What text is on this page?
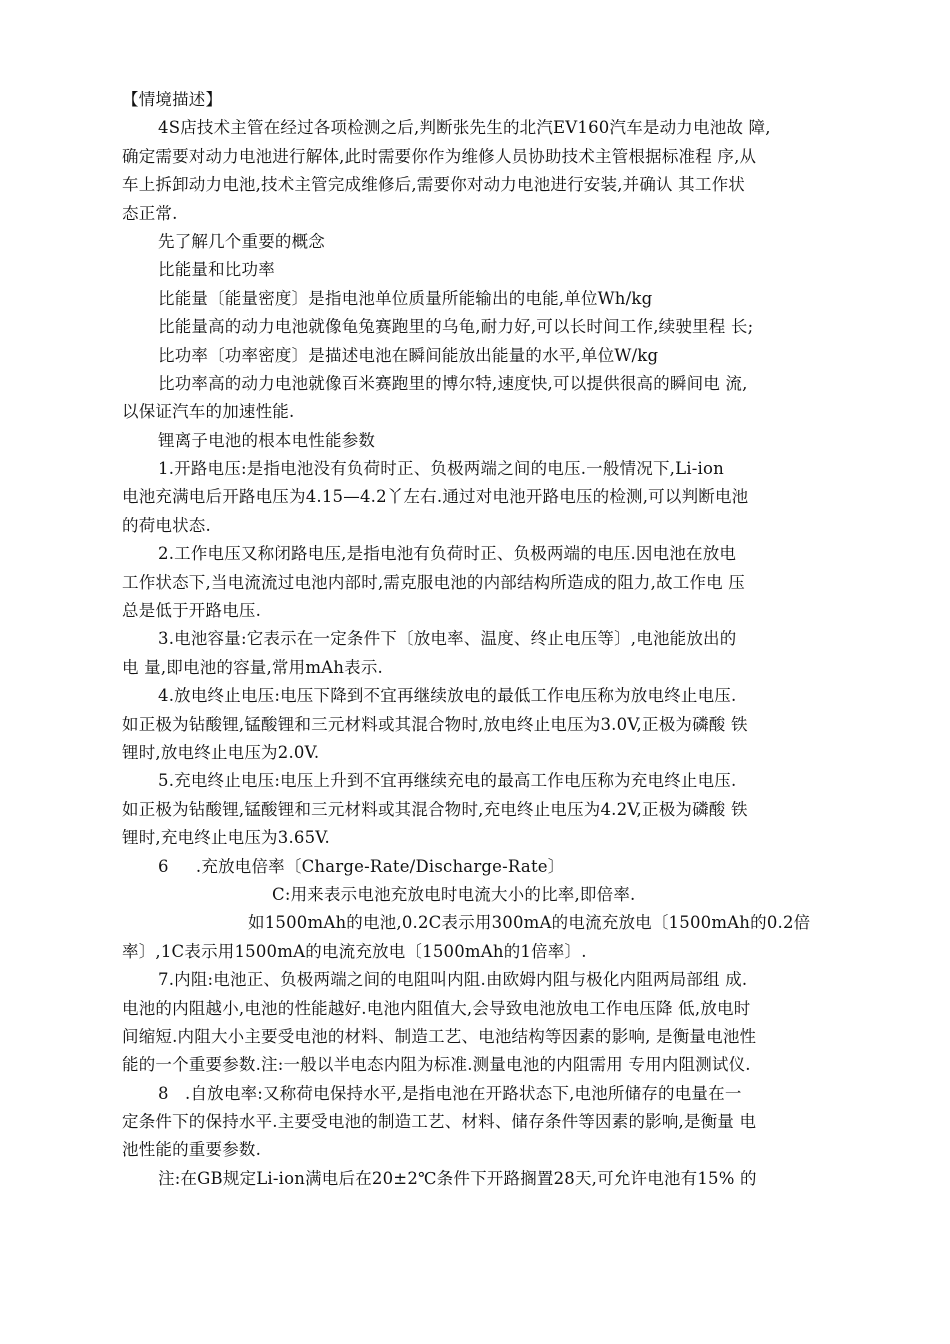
【情境描述】
4S店技术主管在经过各项检测之后,判断张先生的北汽EV160汽车是动力电池故 障,
确定需要对动力电池进行解体,此时需要你作为维修人员协助技术主管根据标准程 序,从
车上拆卸动力电池,技术主管完成维修后,需要你对动力电池进行安装,并确认 其工作状
态正常.
先了解几个重要的概念
比能量和比功率
比能量〔能量密度〕是指电池单位质量所能输出的电能,单位Wh/kg
比能量高的动力电池就像龟兔赛跑里的乌龟,耐力好,可以长时间工作,续驶里程 长;
比功率〔功率密度〕是描述电池在瞬间能放出能量的水平,单位W/kg
比功率高的动力电池就像百米赛跑里的博尔特,速度快,可以提供很高的瞬间电 流,
以保证汽车的加速性能.
锂离子电池的根本电性能参数
1.开路电压:是指电池没有负荷时正、负极两端之间的电压.一般情况下,Li-ion
电池充满电后开路电压为4.15—4.2丫左右.通过对电池开路电压的检测,可以判断电池
的荷电状态.
2.工作电压又称闭路电压,是指电池有负荷时正、负极两端的电压.因电池在放电
工作状态下,当电流流过电池内部时,需克服电池的内部结构所造成的阻力,故工作电 压
总是低于开路电压.
3.电池容量:它表示在一定条件下〔放电率、温度、终止电压等〕,电池能放出的
电 量,即电池的容量,常用mAh表示.
4.放电终止电压:电压下降到不宜再继续放电的最低工作电压称为放电终止电压.
如正极为钻酸锂,锰酸锂和三元材料或其混合物时,放电终止电压为3.0V,正极为磷酸 铁
锂时,放电终止电压为2.0V.
5.充电终止电压:电压上升到不宜再继续充电的最高工作电压称为充电终止电压.
如正极为钻酸锂,锰酸锂和三元材料或其混合物时,充电终止电压为4.2V,正极为磷酸 铁
锂时,充电终止电压为3.65V.
6     .充放电倍率〔Charge-Rate/Discharge-Rate〕
C:用来表示电池充放电时电流大小的比率,即倍率.
如1500mAh的电池,0.2C表示用300mA的电流充放电〔1500mAh的0.2倍
率〕,1C表示用1500mA的电流充放电〔1500mAh的1倍率〕.
7.内阻:电池正、负极两端之间的电阻叫内阻.由欧姆内阻与极化内阻两局部组 成.
电池的内阻越小,电池的性能越好.电池内阻值大,会导致电池放电工作电压降 低,放电时
间缩短.内阻大小主要受电池的材料、制造工艺、电池结构等因素的影响, 是衡量电池性
能的一个重要参数.注:一般以半电态内阻为标准.测量电池的内阻需用 专用内阻测试仪.
8   .自放电率:又称荷电保持水平,是指电池在开路状态下,电池所储存的电量在一
定条件下的保持水平.主要受电池的制造工艺、材料、储存条件等因素的影响,是衡量 电
池性能的重要参数.
注:在GB规定Li-ion满电后在20±2℃条件下开路搁置28天,可允许电池有15% 的
